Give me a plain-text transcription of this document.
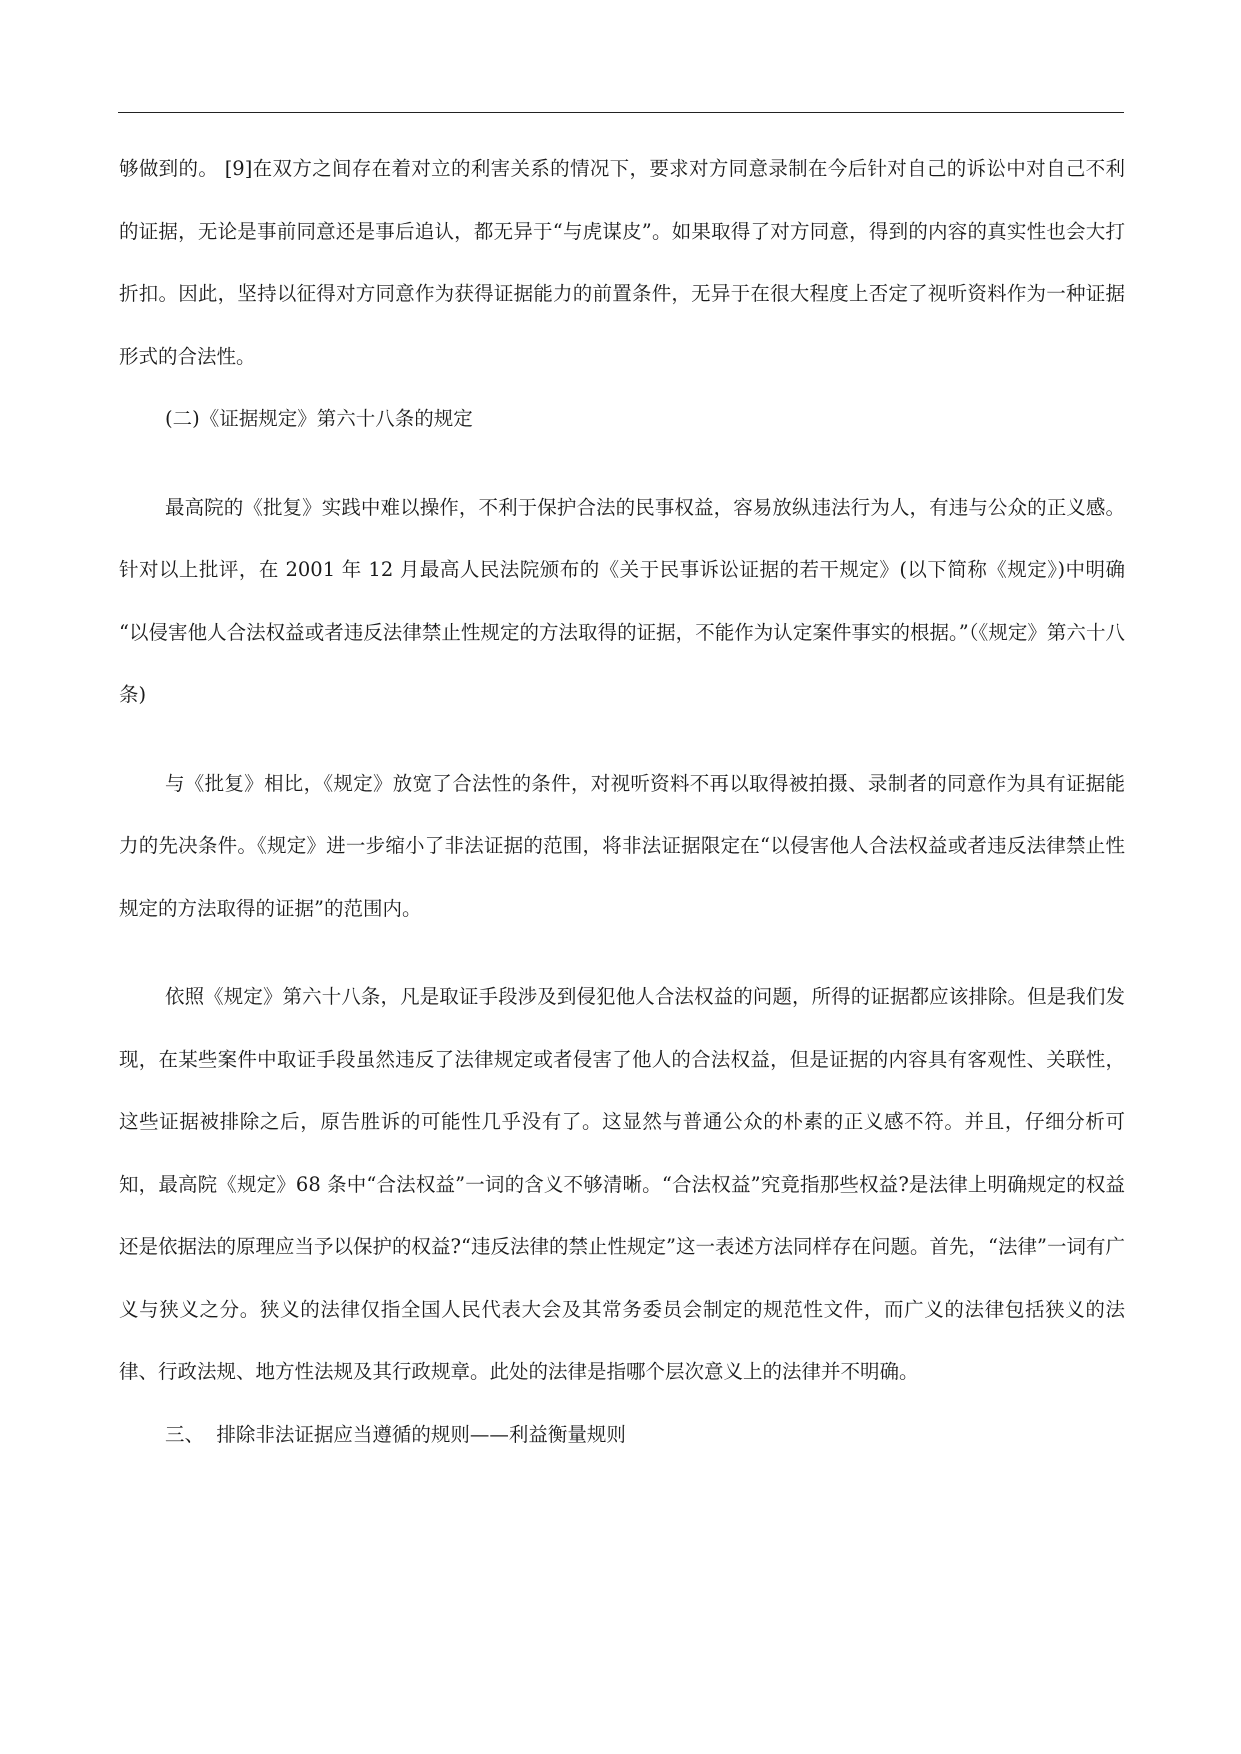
够做到的。 [9]在双方之间存在着对立的利害关系的情况下，要求对方同意录制在今后针对自己的诉讼中对自己不利的证据，无论是事前同意还是事后追认，都无异于“与虎谋皮”。如果取得了对方同意，得到的内容的真实性也会大打折扣。因此，坚持以征得对方同意作为获得证据能力的前置条件，无异于在很大程度上否定了视听资料作为一种证据形式的合法性。

(二)《证据规定》第六十八条的规定

最高院的《批复》实践中难以操作，不利于保护合法的民事权益，容易放纵违法行为人，有违与公众的正义感。针对以上批评，在 2001 年 12 月最高人民法院颁布的《关于民事诉讼证据的若干规定》(以下简称《规定》)中明确 “以侵害他人合法权益或者违反法律禁止性规定的方法取得的证据，不能作为认定案件事实的根据。”（《规定》第六十八条)

与《批复》相比，《规定》放宽了合法性的条件，对视听资料不再以取得被拍摄、录制者的同意作为具有证据能力的先决条件。《规定》进一步缩小了非法证据的范围，将非法证据限定在“以侵害他人合法权益或者违反法律禁止性规定的方法取得的证据”的范围内。

依照《规定》第六十八条，凡是取证手段涉及到侵犯他人合法权益的问题，所得的证据都应该排除。但是我们发现，在某些案件中取证手段虽然违反了法律规定或者侵害了他人的合法权益，但是证据的内容具有客观性、关联性，这些证据被排除之后，原告胜诉的可能性几乎没有了。这显然与普通公众的朴素的正义感不符。并且，仔细分析可知，最高院《规定》68 条中“合法权益”一词的含义不够清晰。“合法权益”究竟指那些权益?是法律上明确规定的权益还是依据法的原理应当予以保护的权益?“违反法律的禁止性规定”这一表述方法同样存在问题。首先，“法律”一词有广义与狭义之分。狭义的法律仅指全国人民代表大会及其常务委员会制定的规范性文件，而广义的法律包括狭义的法律、行政法规、地方性法规及其行政规章。此处的法律是指哪个层次意义上的法律并不明确。

三、  排除非法证据应当遵循的规则——利益衡量规则
